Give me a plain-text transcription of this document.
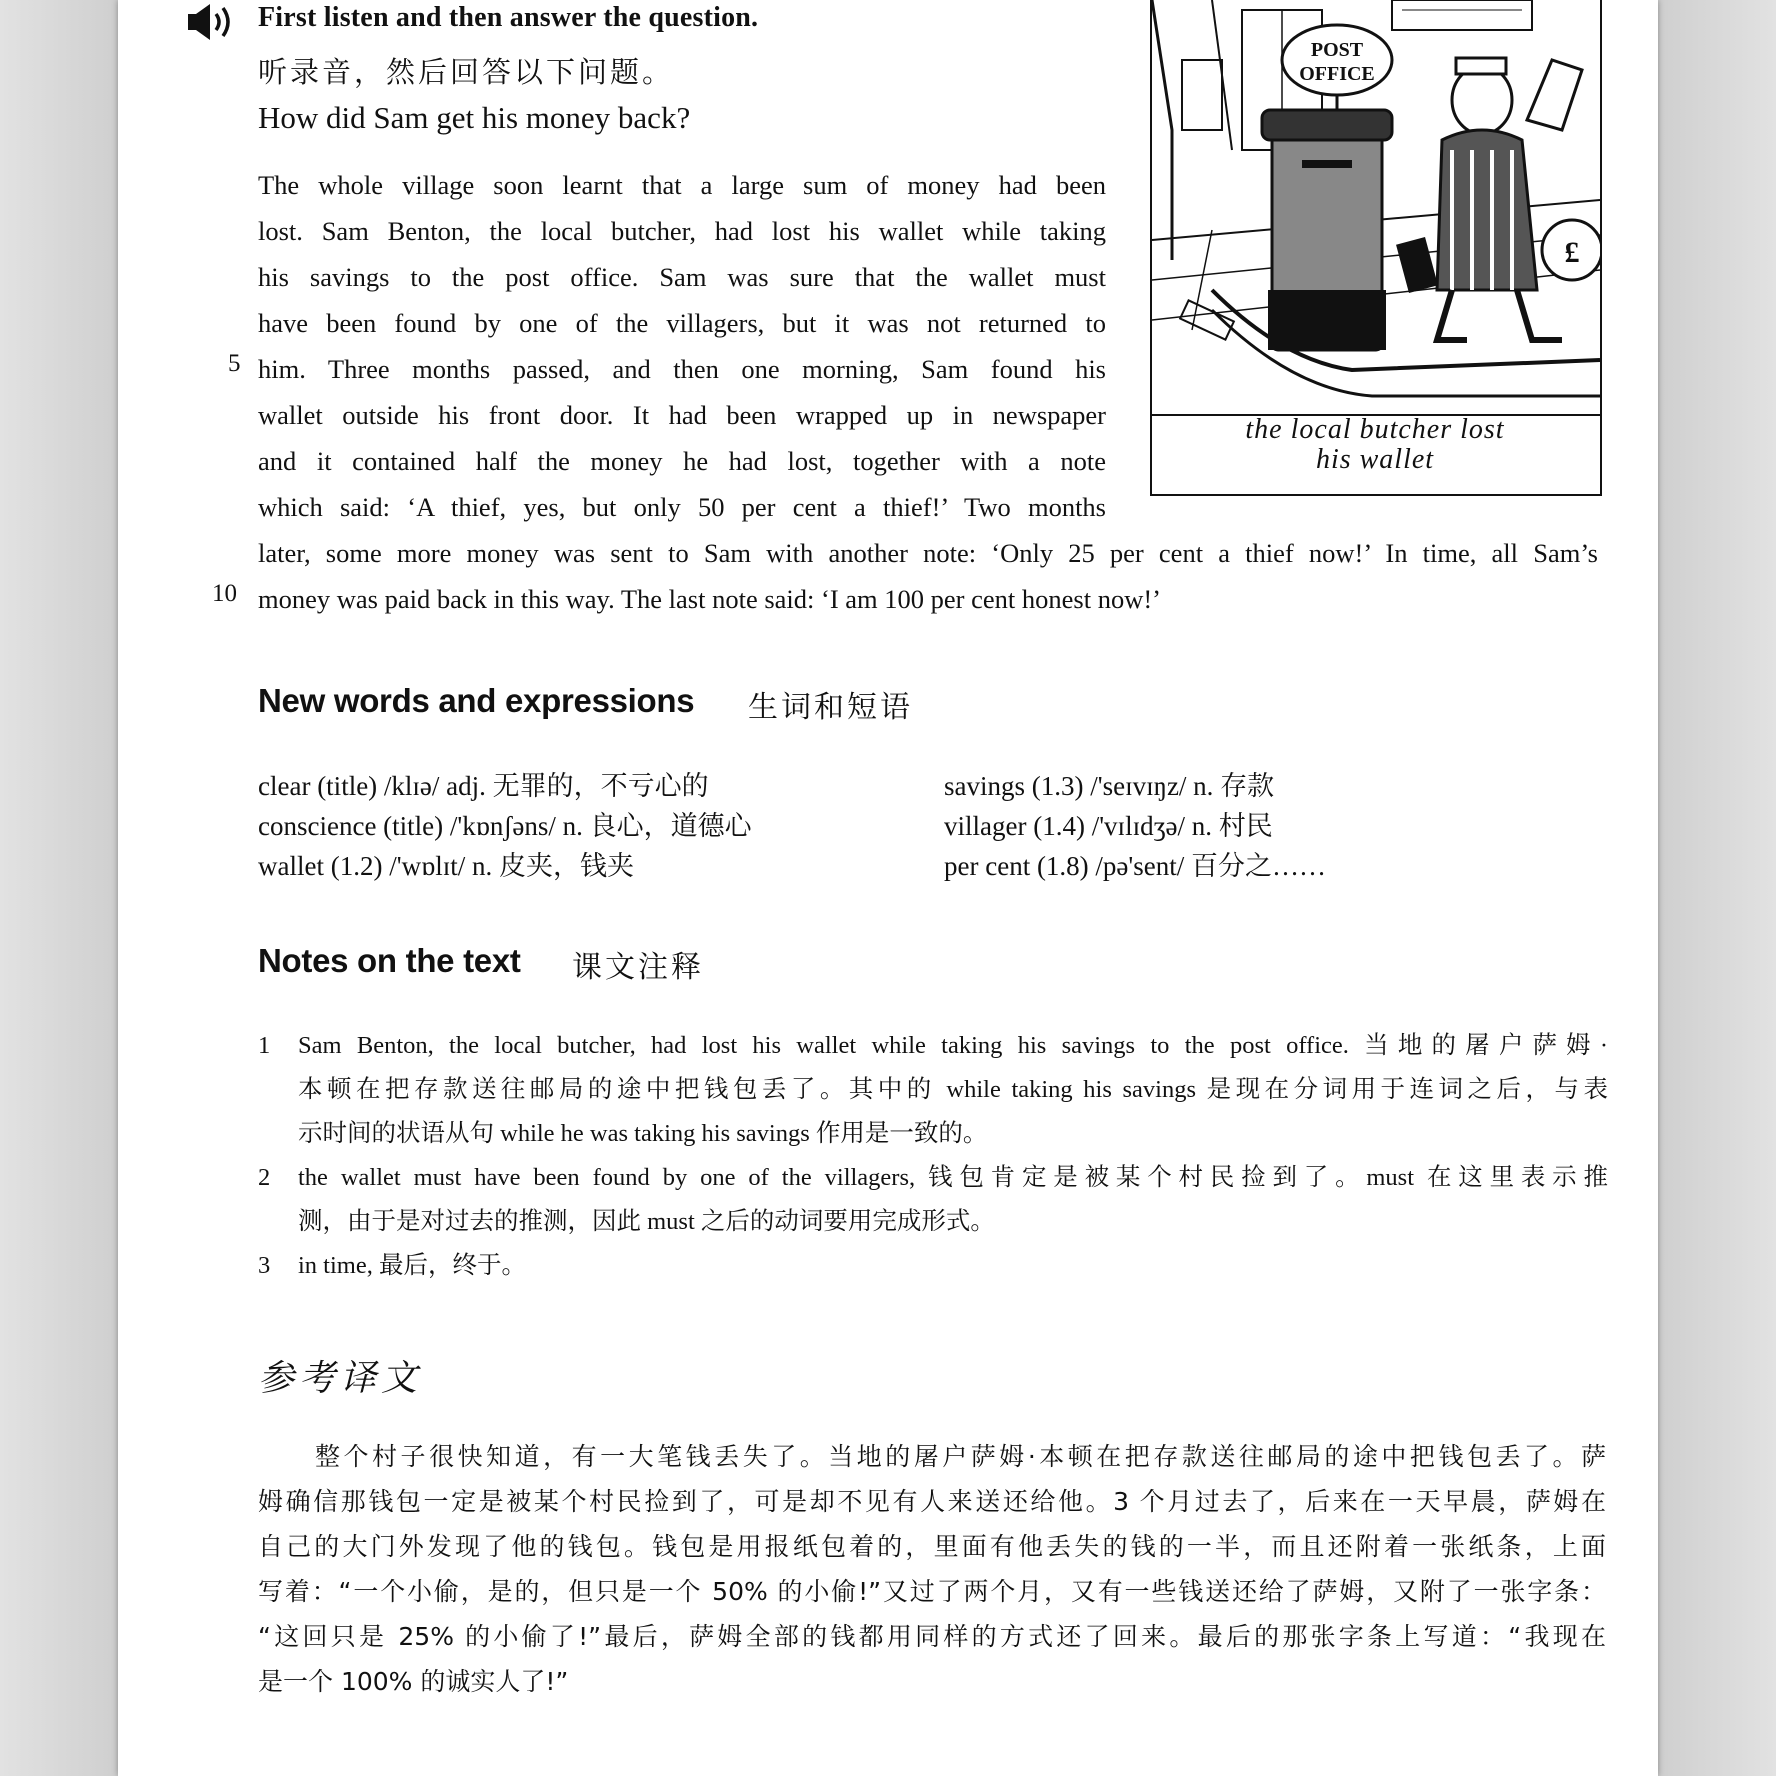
First listen and then answer the question.
听录音，然后回答以下问题。
How did Sam get his money back?
The whole village soon learnt that a large sum of money had been
lost. Sam Benton, the local butcher, had lost his wallet while taking
his savings to the post office. Sam was sure that the wallet must
have been found by one of the villagers, but it was not returned to
him. Three months passed, and then one morning, Sam found his
wallet outside his front door. It had been wrapped up in newspaper
and it contained half the money he had lost, together with a note
which said: ‘A thief, yes, but only 50 per cent a thief!’ Two months
later, some more money was sent to Sam with another note: ‘Only 25 per cent a thief now!’ In time, all Sam’s
money was paid back in this way. The last note said: ‘I am 100 per cent honest now!’
5
10
POST
OFFICE
£
the local butcher lost
his wallet
New words and expressions 生词和短语
clear (title) /klɪə/ adj. 无罪的，不亏心的
conscience (title) /'kɒnʃəns/ n. 良心，道德心
wallet (1.2) /'wɒlɪt/ n. 皮夹，钱夹
savings (1.3) /'seɪvɪŋz/ n. 存款
villager (1.4) /'vɪlɪdʒə/ n. 村民
per cent (1.8) /pə'sent/ 百分之……
Notes on the text 课文注释
1 Sam Benton, the local butcher, had lost his wallet while taking his savings to the post office. 当地的屠户萨姆·
本顿在把存款送往邮局的途中把钱包丢了。其中的 while taking his savings 是现在分词用于连词之后，与表
示时间的状语从句 while he was taking his savings 作用是一致的。
2 the wallet must have been found by one of the villagers, 钱包肯定是被某个村民捡到了。must 在这里表示推
测，由于是对过去的推测，因此 must 之后的动词要用完成形式。
3 in time, 最后，终于。
参考译文
　　整个村子很快知道，有一大笔钱丢失了。当地的屠户萨姆·本顿在把存款送往邮局的途中把钱包丢了。萨
姆确信那钱包一定是被某个村民捡到了，可是却不见有人来送还给他。3 个月过去了，后来在一天早晨，萨姆在
自己的大门外发现了他的钱包。钱包是用报纸包着的，里面有他丢失的钱的一半，而且还附着一张纸条，上面
写着：“一个小偷，是的，但只是一个 50% 的小偷!”又过了两个月，又有一些钱送还给了萨姆，又附了一张字条：
“这回只是 25% 的小偷了!”最后，萨姆全部的钱都用同样的方式还了回来。最后的那张字条上写道：“我现在
是一个 100% 的诚实人了!”
